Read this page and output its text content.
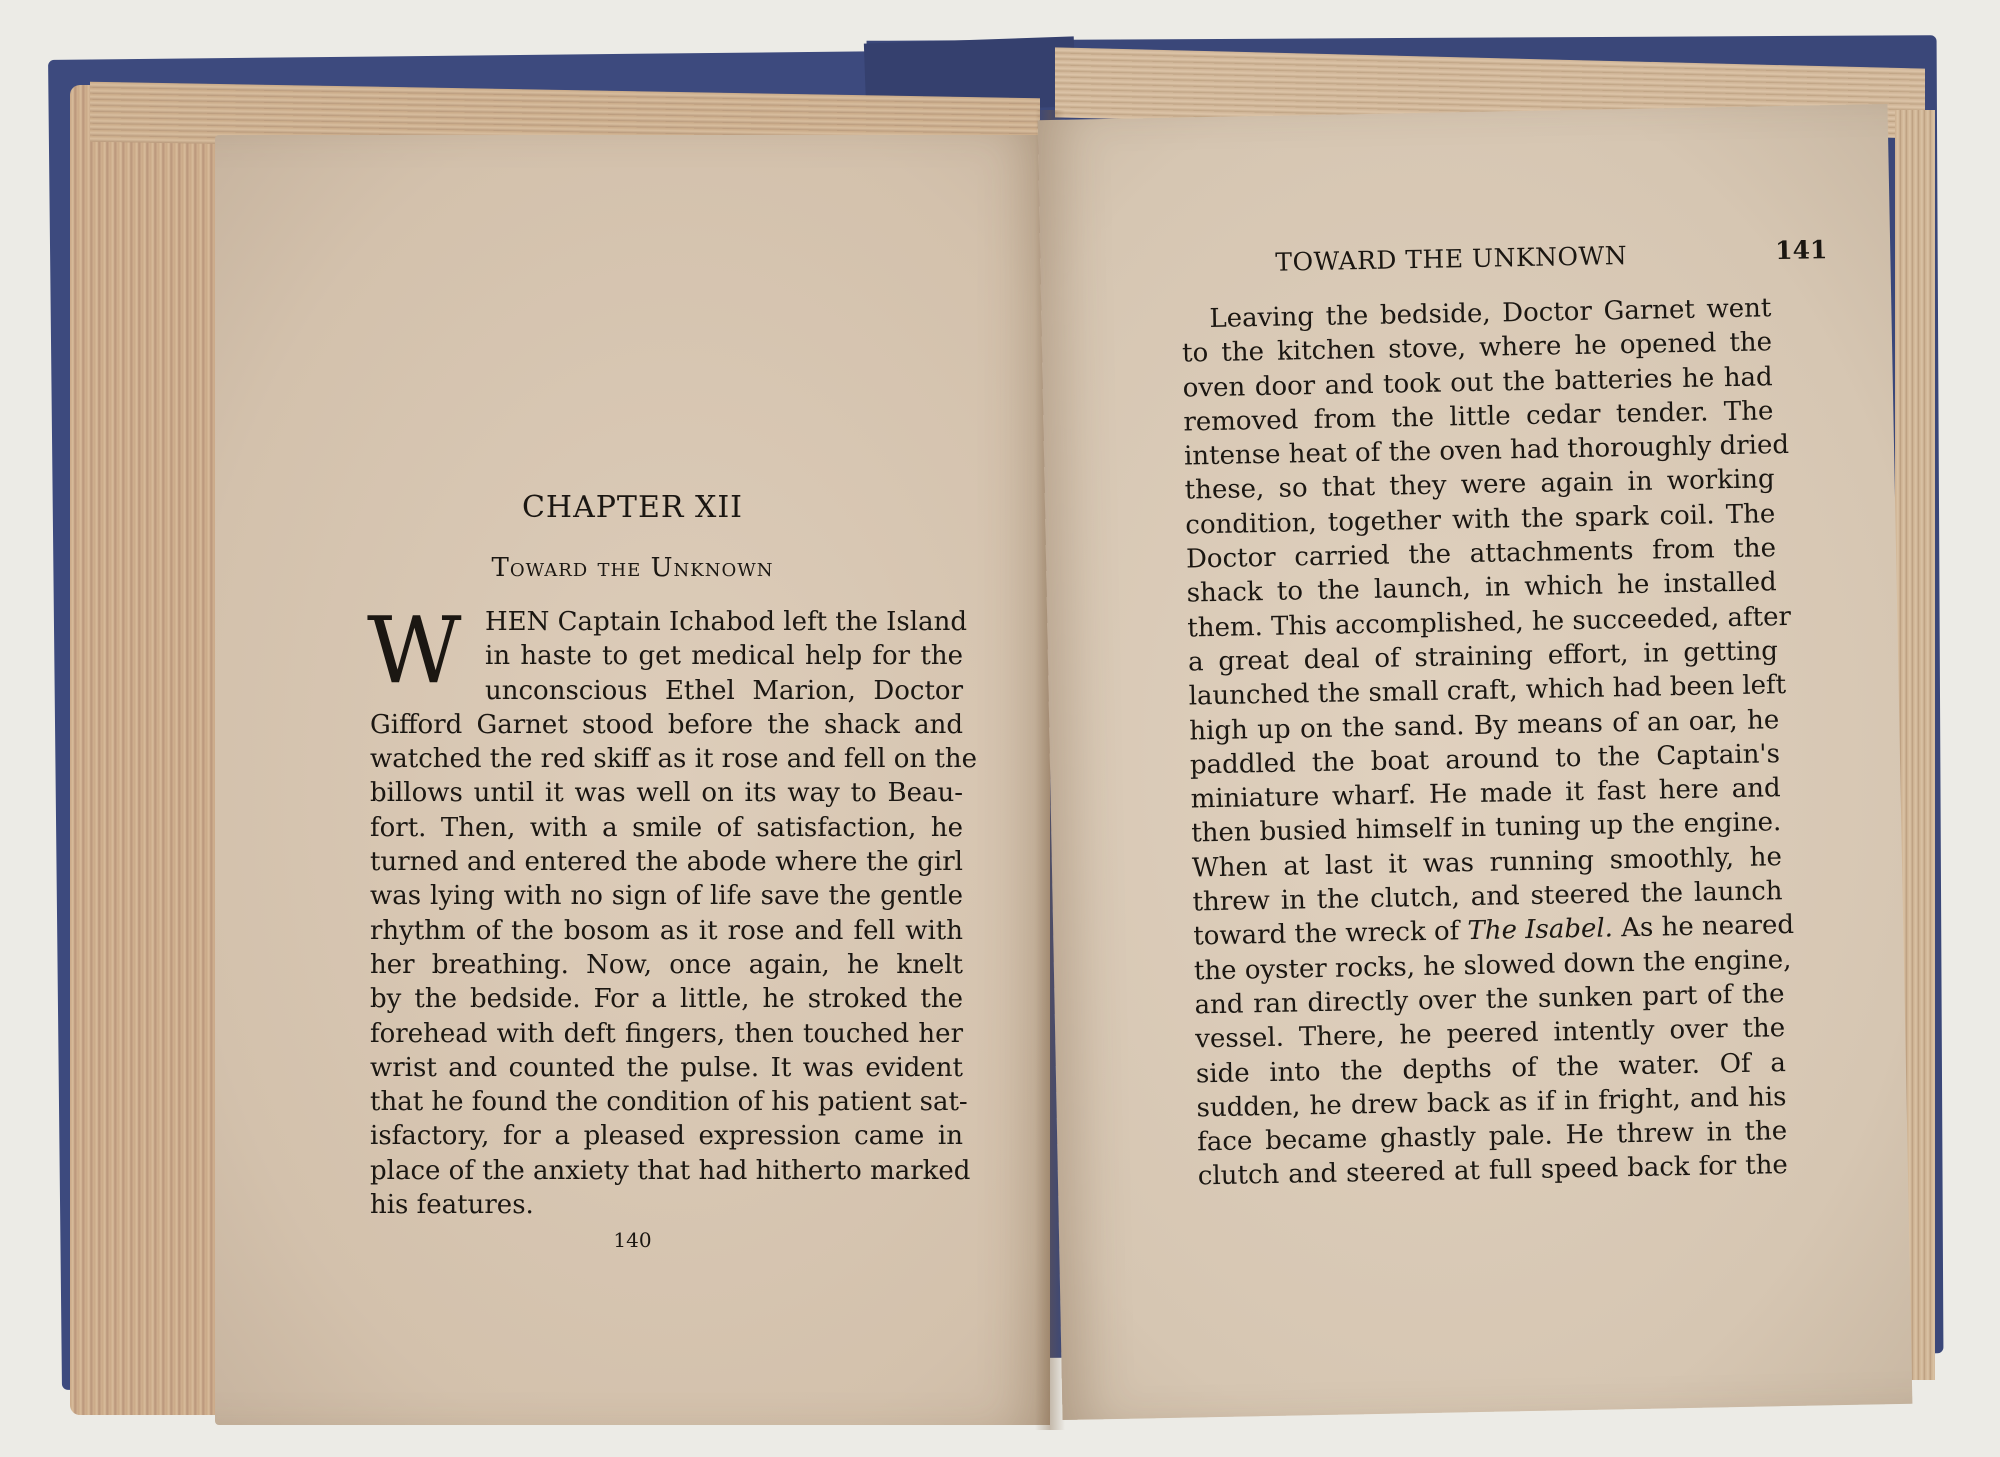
CHAPTER XII
Toward the Unknown
W HEN Captain Ichabod left the Island
in haste to get medical help for the
unconscious Ethel Marion, Doctor
Gifford Garnet stood before the shack and
watched the red skiff as it rose and fell on the
billows until it was well on its way to Beau-
fort. Then, with a smile of satisfaction, he
turned and entered the abode where the girl
was lying with no sign of life save the gentle
rhythm of the bosom as it rose and fell with
her breathing. Now, once again, he knelt
by the bedside. For a little, he stroked the
forehead with deft fingers, then touched her
wrist and counted the pulse. It was evident
that he found the condition of his patient sat-
isfactory, for a pleased expression came in
place of the anxiety that had hitherto marked
his features.
140
TOWARD THE UNKNOWN	141
Leaving the bedside, Doctor Garnet went
to the kitchen stove, where he opened the
oven door and took out the batteries he had
removed from the little cedar tender. The
intense heat of the oven had thoroughly dried
these, so that they were again in working
condition, together with the spark coil. The
Doctor carried the attachments from the
shack to the launch, in which he installed
them. This accomplished, he succeeded, after
a great deal of straining effort, in getting
launched the small craft, which had been left
high up on the sand. By means of an oar, he
paddled the boat around to the Captain's
miniature wharf. He made it fast here and
then busied himself in tuning up the engine.
When at last it was running smoothly, he
threw in the clutch, and steered the launch
toward the wreck of The Isabel. As he neared
the oyster rocks, he slowed down the engine,
and ran directly over the sunken part of the
vessel. There, he peered intently over the
side into the depths of the water. Of a
sudden, he drew back as if in fright, and his
face became ghastly pale. He threw in the
clutch and steered at full speed back for the
